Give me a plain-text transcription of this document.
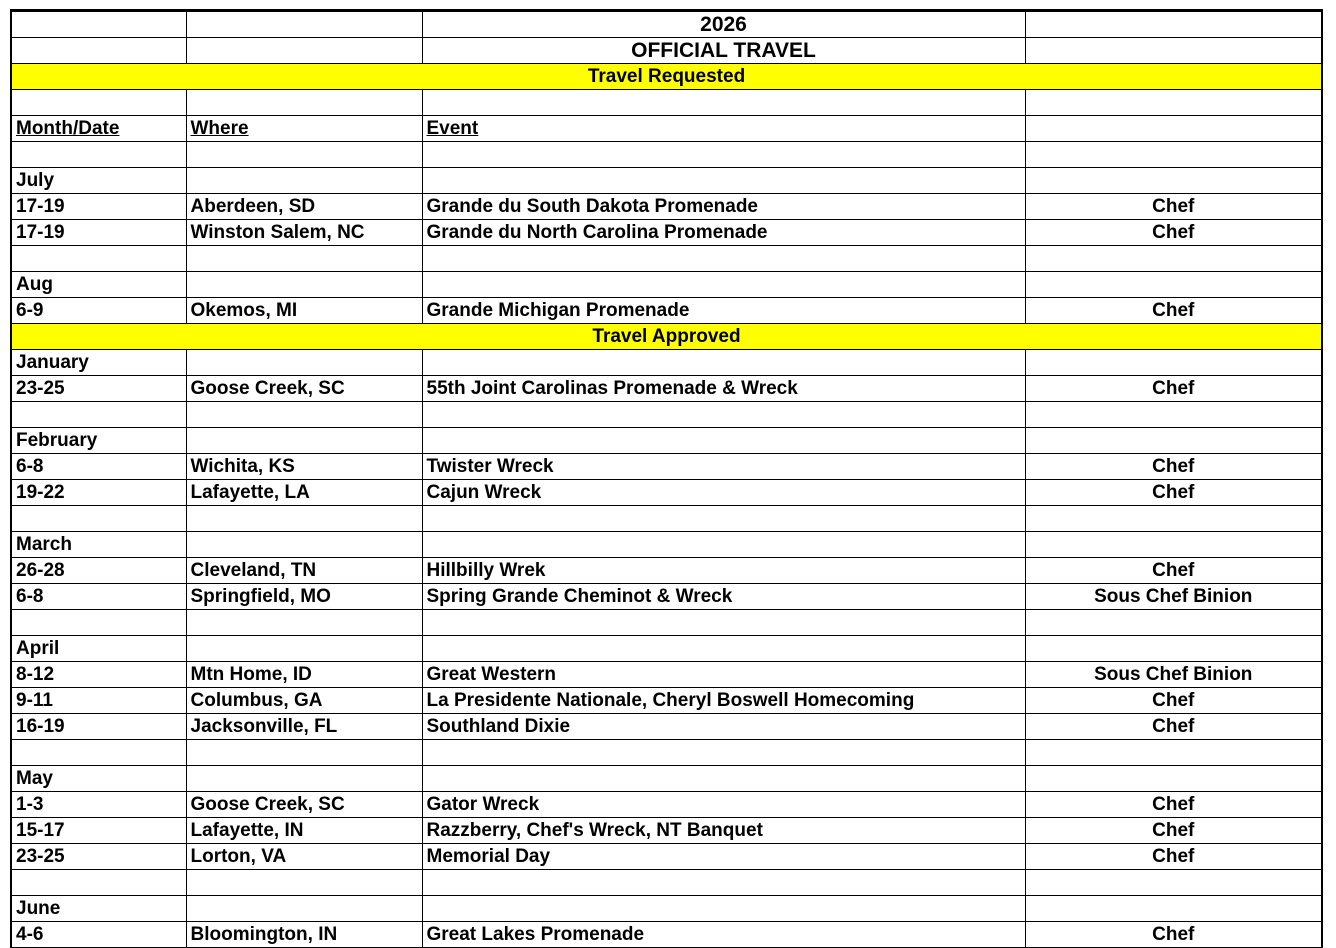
		2026	
		OFFICIAL TRAVEL	
Travel Requested			

Month/Date	Where	Event	

July			
17-19	Aberdeen, SD	Grande du South Dakota Promenade	Chef
17-19	Winston Salem, NC	Grande du North Carolina Promenade	Chef

Aug			
6-9	Okemos, MI	Grande Michigan Promenade	Chef
Travel Approved			
January			
23-25	Goose Creek, SC	55th Joint Carolinas Promenade & Wreck	Chef

February			
6-8	Wichita, KS	Twister Wreck	Chef
19-22	Lafayette, LA	Cajun Wreck	Chef

March			
26-28	Cleveland, TN	Hillbilly Wrek	Chef
6-8	Springfield, MO	Spring Grande Cheminot & Wreck	Sous Chef Binion

April			
8-12	Mtn Home, ID	Great Western	Sous Chef Binion
9-11	Columbus, GA	La Presidente Nationale, Cheryl Boswell Homecoming	Chef
16-19	Jacksonville, FL	Southland Dixie	Chef

May			
1-3	Goose Creek, SC	Gator Wreck	Chef
15-17	Lafayette, IN	Razzberry, Chef's Wreck, NT Banquet	Chef
23-25	Lorton, VA	Memorial Day	Chef

June			
4-6	Bloomington, IN	Great Lakes Promenade	Chef
